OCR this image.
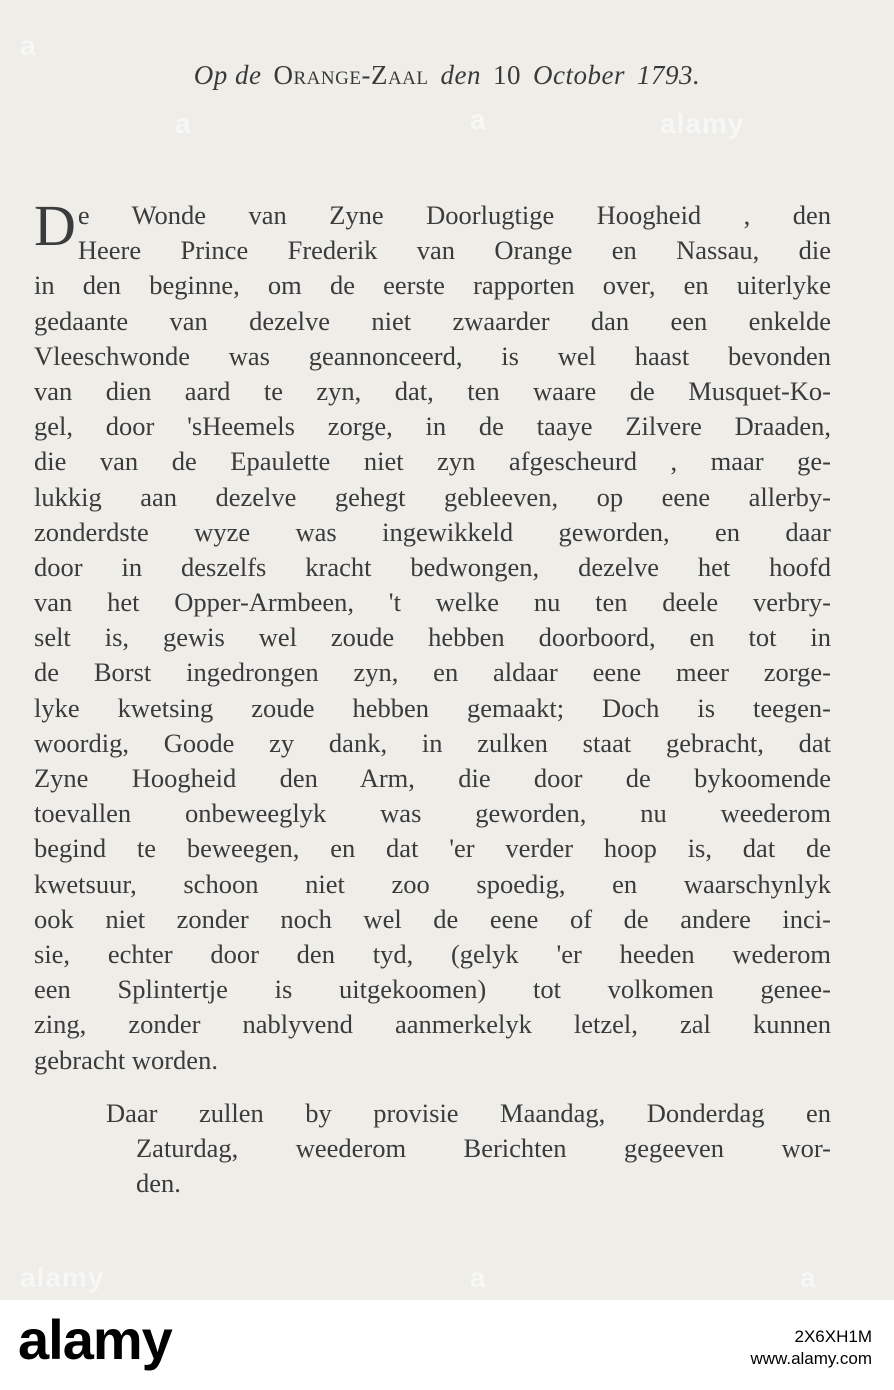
a
a	a	alamy
alamy	a	a
Op de Orange-Zaal den 10 October 1793.
D e Wonde van Zyne Doorlugtige Hoogheid , den
Heere Prince Frederik van Orange en Nassau, die
in den beginne, om de eerste rapporten over, en uiterlyke
gedaante van dezelve niet zwaarder dan een enkelde
Vleeschwonde was geannonceerd, is wel haast bevonden
van dien aard te zyn, dat, ten waare de Musquet-Ko-
gel, door 'sHeemels zorge, in de taaye Zilvere Draaden,
die van de Epaulette niet zyn afgescheurd , maar ge-
lukkig aan dezelve gehegt gebleeven, op eene allerby-
zonderdste wyze was ingewikkeld geworden, en daar
door in deszelfs kracht bedwongen, dezelve het hoofd
van het Opper-Armbeen, 't welke nu ten deele verbry-
selt is, gewis wel zoude hebben doorboord, en tot in
de Borst ingedrongen zyn, en aldaar eene meer zorge-
lyke kwetsing zoude hebben gemaakt; Doch is teegen-
woordig, Goode zy dank, in zulken staat gebracht, dat
Zyne Hoogheid den Arm, die door de bykoomende
toevallen onbeweeglyk was geworden, nu weederom
begind te beweegen, en dat 'er verder hoop is, dat de
kwetsuur, schoon niet zoo spoedig, en waarschynlyk
ook niet zonder noch wel de eene of de andere inci-
sie, echter door den tyd, (gelyk 'er heeden wederom
een Splintertje is uitgekoomen) tot volkomen genee-
zing, zonder nablyvend aanmerkelyk letzel, zal kunnen
gebracht worden.
Daar zullen by provisie Maandag, Donderdag en
Zaturdag, weederom Berichten gegeeven wor-
den.
alamy	2X6XH1M
www.alamy.com
